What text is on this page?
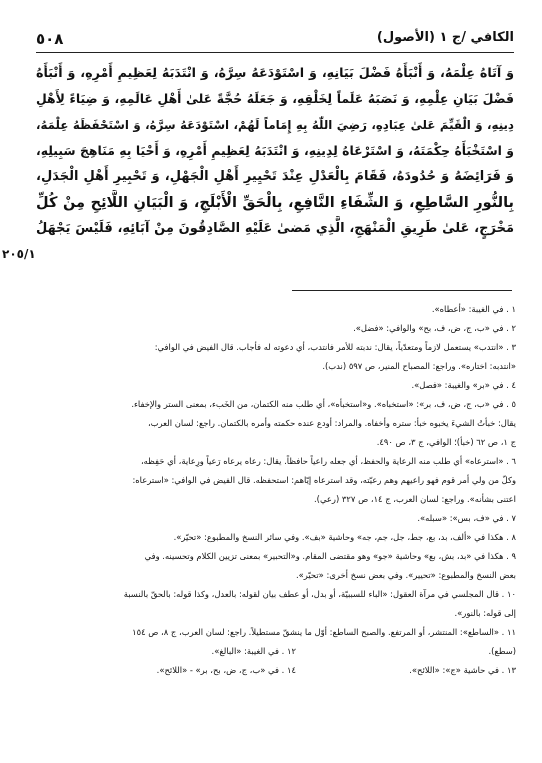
الكافي /ج ١ (الأصول)
٥٠٨
وَ آتَاهُ عِلْمَهُ، وَ أَنْبَأَهُ فَضْلَ بَيَانِهِ، وَ اسْتَوْدَعَهُ سِرَّهُ، وَ انْتَدَبَهُ لِعَظِيمِ أَمْرِهِ، وَ أَنْبَأَهُ
فَضْلَ بَيَانِ عِلْمِهِ، وَ نَصَبَهُ عَلَماً لِخَلْقِهِ، وَ جَعَلَهُ حُجَّةً عَلىٰ أَهْلِ عَالَمِهِ، وَ ضِيَاءً لِأَهْلِ
دِينِهِ، وَ الْقَيِّمَ عَلىٰ عِبَادِهِ، رَضِيَ اللّٰهُ بِهِ إِمَاماً لَهُمْ، اسْتَوْدَعَهُ سِرَّهُ، وَ اسْتَحْفَظَهُ عِلْمَهُ،
وَ اسْتَخْبَأَهُ حِكْمَتَهُ، وَ اسْتَرْعَاهُ لِدِينِهِ، وَ انْتَدَبَهُ لِعَظِيمِ أَمْرِهِ، وَ أَحْيَا بِهِ مَنَاهِجَ سَبِيلِهِ،
وَ فَرَائِضَهُ وَ حُدُودَهُ، فَقَامَ بِالْعَدْلِ عِنْدَ تَحْيِيرِ أَهْلِ الْجَهْلِ، وَ تَحْبِيرِ أَهْلِ الْجَدَلِ،
بِالنُّورِ السَّاطِعِ، وَ الشِّفَاءِ النَّافِعِ، بِالْحَقِّ الْأَبْلَجِ، وَ الْبَيَانِ اللَّائِحِ مِنْ كُلِّ
مَخْرَجٍ، عَلىٰ طَرِيقِ الْمَنْهَجِ، الَّذِي مَضىٰ عَلَيْهِ الصَّادِقُونَ مِنْ آبَائِهِ، فَلَيْسَ يَجْهَلُ
٢٠٥/١
١ . في الغيبة: «أعطاه».
٢ . في «ب، ج، ض، ف، بح» والوافي: «فضل».
٣ . «انتدب» يستعمل لازماً ومتعدّياً، يقال: ندبته للأمر فانتدب، أي دعوته له فأجاب. قال الفيض في الوافي:
«انتدبه: اختاره». وراجع: المصباح المنير، ص ٥٩٧ (ندب).
٤ . في «بر» والغيبة: «فصل».
٥ . في «ب، ج، ض، ف، بر»: «استخباه». و«استخبأه»، أي طلب منه الكتمان، من الخَبء، بمعنى الستر والإخفاء.
يقال: خبأتُ الشيءَ يخبوه خبأ: ستره وأخفاه. والمراد: أودع عنده حكمته وأمره بالكتمان. راجع: لسان العرب،
ج ١، ص ٦٢ (خبأ)؛ الوافي، ج ٣، ص ٤٩٠.
٦ . «استرعاه» أي طلب منه الرعاية والحفظ، أي جعله راعياً حافظاً. يقال: رعاه يرعاه رَعياً ورِعاية، أي حَفِظه،
وكلّ من ولي أمر قوم فهو راعيهم وهم رعيّته، وقد استرعاه إيّاهم: استحفظه. قال الفيض في الوافي: «استرعاه:
اعتنى بشأنه». وراجع: لسان العرب، ج ١٤، ص ٣٢٧ (رعي).
٧ . في «ف، بس»: «سبله».
٨ . هكذا في «ألف، بد، بع، جط، جل، جم، جه» وحاشية «بف». وفي سائر النسخ والمطبوع: «تحيّر».
٩ . هكذا في «بد، بش، بع» وحاشية «جو» وهو مقتضى المقام. و«التحبير» بمعنى تزيين الكلام وتحسينه. وفي
بعض النسخ والمطبوع: «تحيير». وفي بعض نسخ أخرى: «تحيّر».
١٠ . قال المجلسي في مرآة العقول: «الباء للسببيّة، أو بدل، أو عطف بيان لقوله: بالعدل، وكذا قوله: بالحقّ بالنسبة
إلى قوله: بالنور».
١١ . «الساطع»: المنتشر، أو المرتفع. والصبح الساطع: أوّل ما ينشقّ مستطيلاً. راجع: لسان العرب، ج ٨، ص ١٥٤
(سطع).
١٢ . في الغيبة: «البالغ».
١٣ . في حاشية «ج»: «اللائح».
١٤ . في «ب، ج، ض، بح، بر» - «اللائح».
